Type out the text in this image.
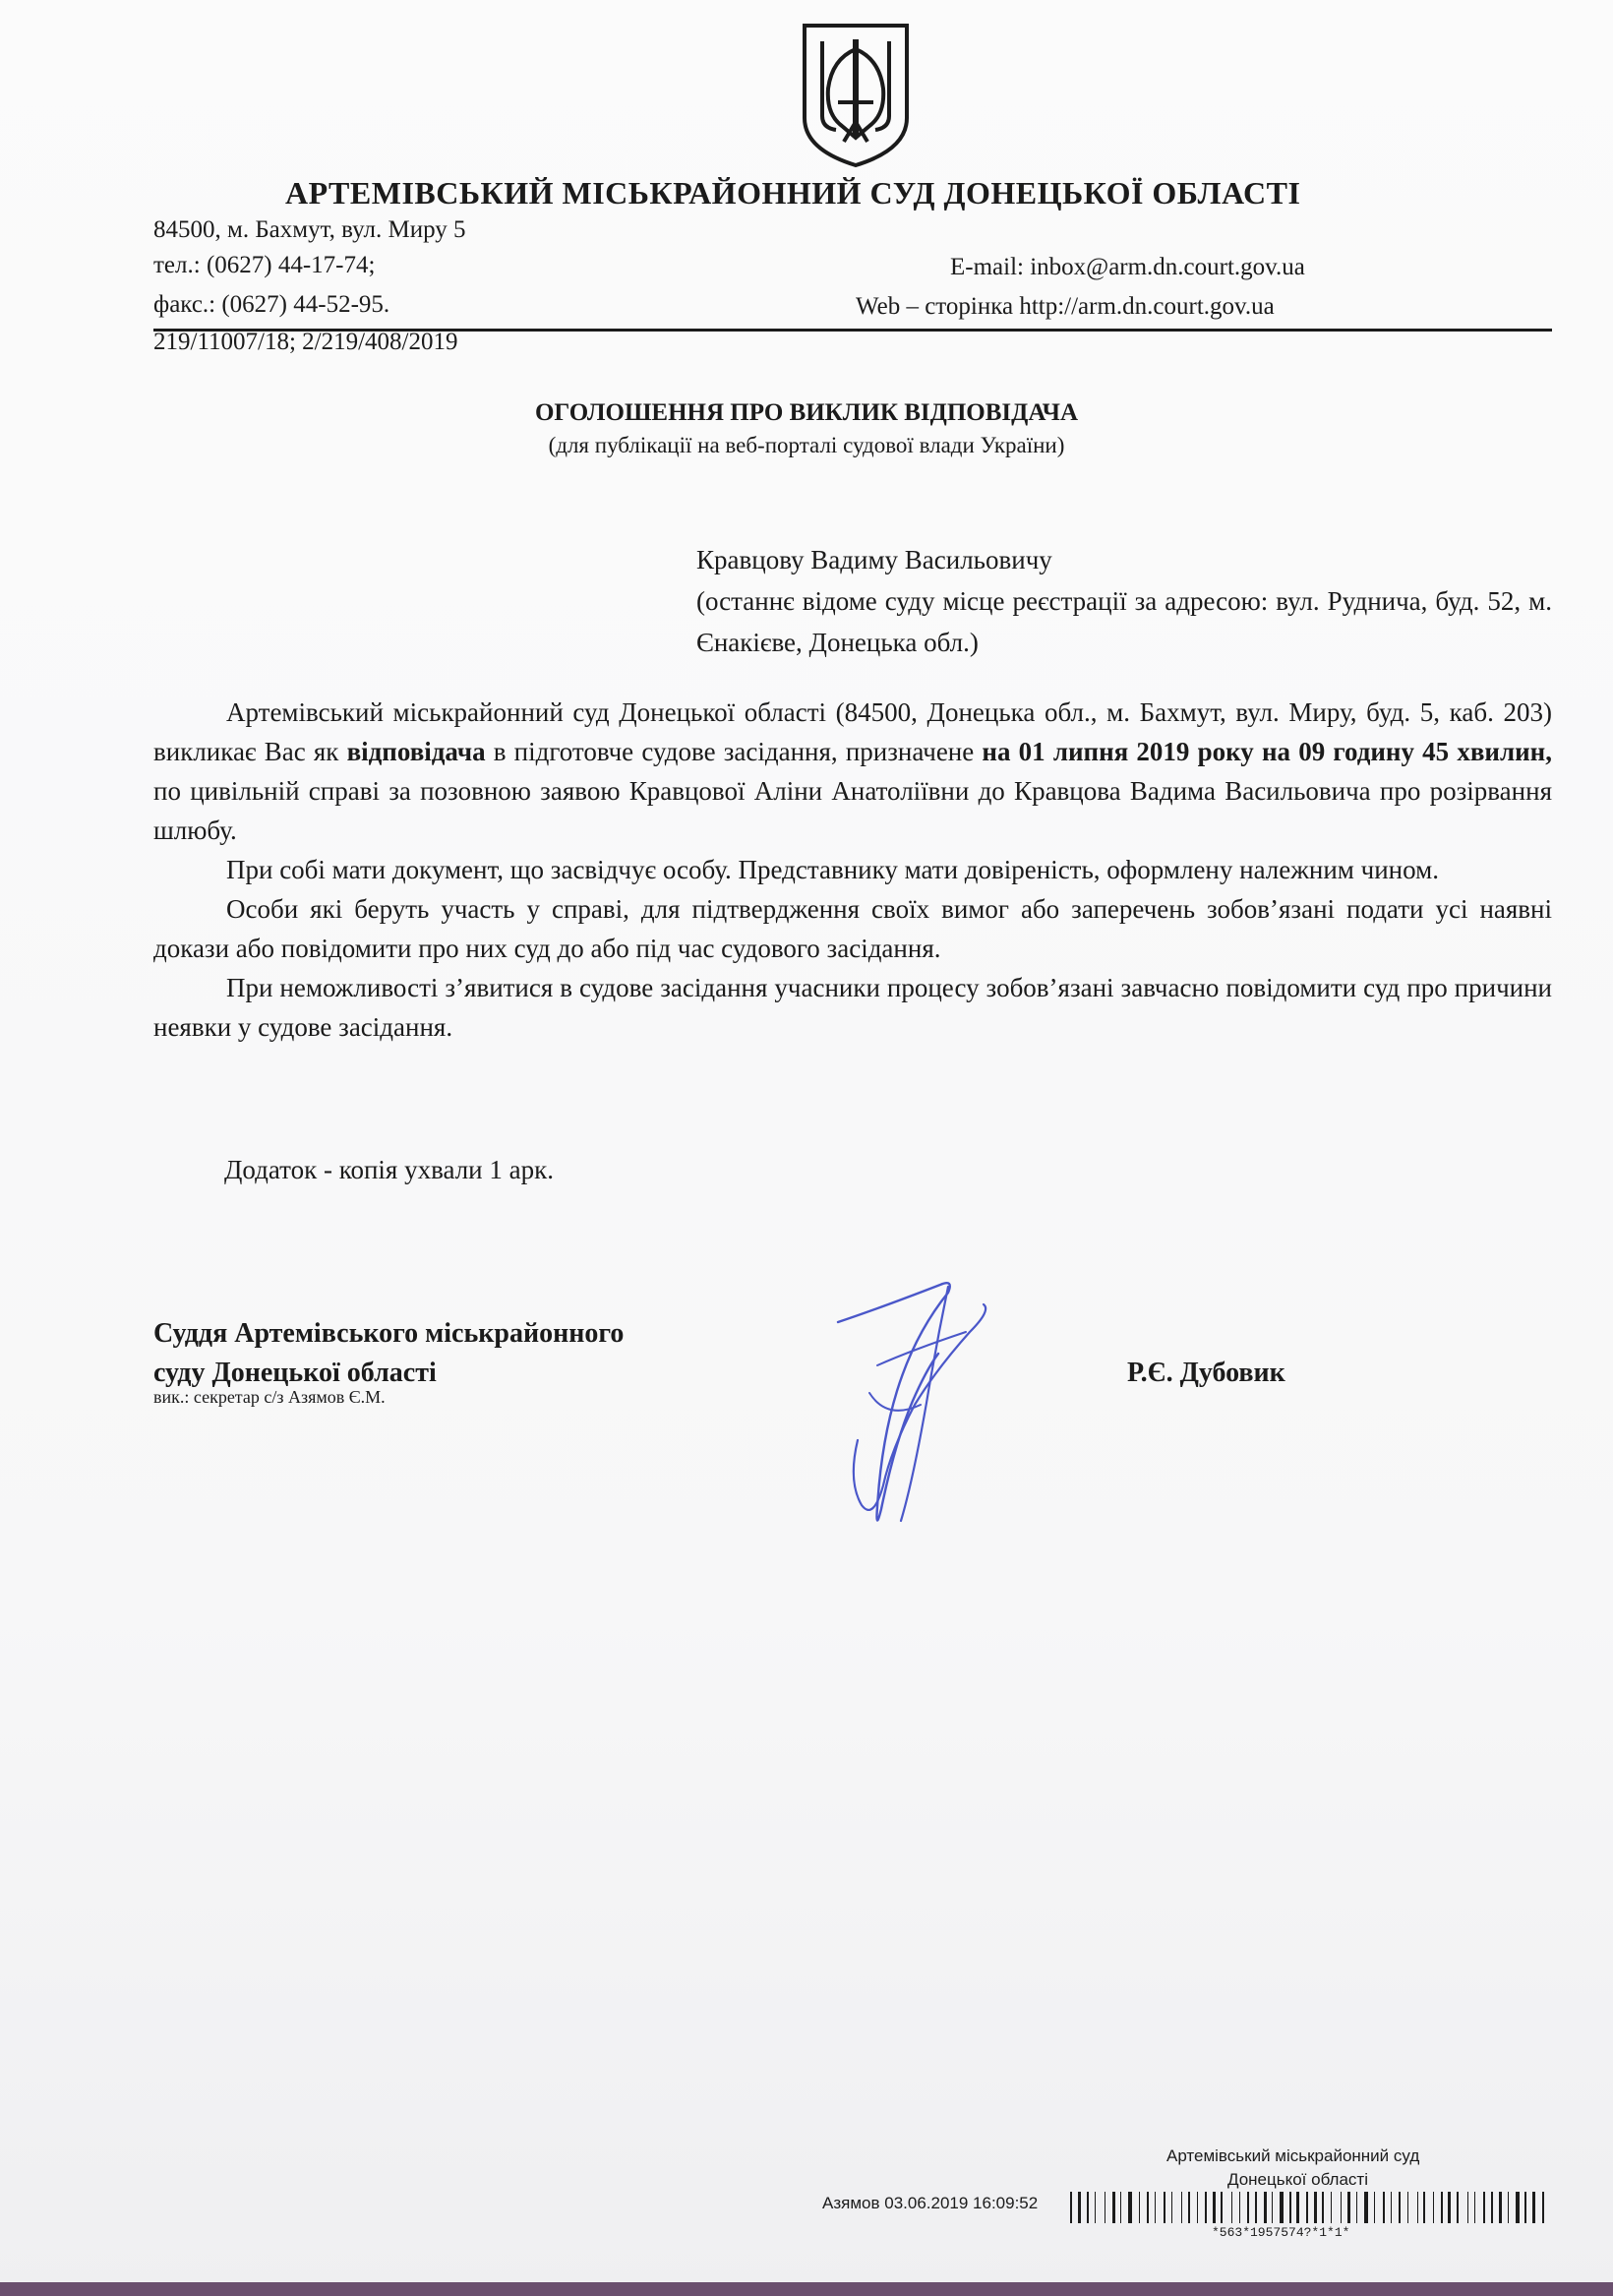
АРТЕМІВСЬКИЙ МІСЬКРАЙОННИЙ СУД ДОНЕЦЬКОЇ ОБЛАСТІ
84500, м. Бахмут, вул. Миру 5
тел.: (0627) 44-17-74;
факс.: (0627) 44-52-95.
E-mail: inbox@arm.dn.court.gov.ua
Web – сторінка http://arm.dn.court.gov.ua
219/11007/18; 2/219/408/2019
ОГОЛОШЕННЯ ПРО ВИКЛИК ВІДПОВІДАЧА
(для публікації на веб-порталі судової влади України)
Кравцову Вадиму Васильовичу
(останнє відоме суду місце реєстрації за адресою: вул. Руднича, буд. 52, м. Єнакієве, Донецька обл.)

Артемівський міськрайонний суд Донецької області (84500, Донецька обл., м. Бахмут, вул. Миру, буд. 5, каб. 203) викликає Вас як відповідача в підготовче судове засідання, призначене на 01 липня 2019 року на 09 годину 45 хвилин, по цивільній справі за позовною заявою Кравцової Аліни Анатоліївни до Кравцова Вадима Васильовича про розірвання шлюбу.

При собі мати документ, що засвідчує особу. Представнику мати довіреність, оформлену належним чином.

Особи які беруть участь у справі, для підтвердження своїх вимог або заперечень зобов’язані подати усі наявні докази або повідомити про них суд до або під час судового засідання.

При неможливості з’явитися в судове засідання учасники процесу зобов’язані завчасно повідомити суд про причини неявки у судове засідання.

Додаток - копія ухвали 1 арк.
Суддя Артемівського міськрайонного
суду Донецької області
вик.: секретар с/з Азямов Є.М.
Р.Є. Дубовик
Артемівський міськрайонний суд
Донецької області
Азямов 03.06.2019 16:09:52
*563*1957574?*1*1*
